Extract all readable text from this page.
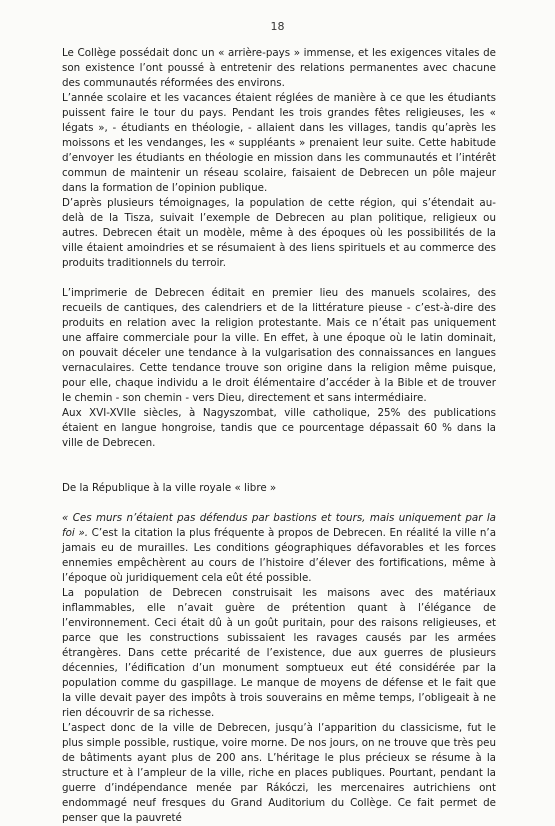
18

Le Collège possédait donc un « arrière-pays » immense, et les exigences vitales de son existence l’ont poussé à entretenir des relations permanentes avec chacune des communautés réformées des environs.

L’année scolaire et les vacances étaient réglées de manière à ce que les étudiants puissent faire le tour du pays. Pendant les trois grandes fêtes religieuses, les « légats », - étudiants en théologie, - allaient dans les villages, tandis qu’après les moissons et les vendanges, les « suppléants » prenaient leur suite. Cette habitude d’envoyer les étudiants en théologie en mission dans les communautés et l’intérêt commun de maintenir un réseau scolaire, faisaient de Debrecen un pôle majeur dans la formation de l’opinion publique.

D’après plusieurs témoignages, la population de cette région, qui s’étendait au-delà de la Tisza, suivait l’exemple de Debrecen au plan politique, religieux ou autres. Debrecen était un modèle, même à des époques où les possibilités de la ville étaient amoindries et se résumaient à des liens spirituels et au commerce des produits traditionnels du terroir.

L’imprimerie de Debrecen éditait en premier lieu des manuels scolaires, des recueils de cantiques, des calendriers et de la littérature pieuse - c’est-à-dire des produits en relation avec la religion protestante. Mais ce n’était pas uniquement une affaire commerciale pour la ville. En effet, à une époque où le latin dominait, on pouvait déceler une tendance à la vulgarisation des connaissances en langues vernaculaires. Cette tendance trouve son origine dans la religion même puisque, pour elle, chaque individu a le droit élémentaire d’accéder à la Bible et de trouver le chemin - son chemin - vers Dieu, directement et sans intermédiaire.

Aux XVI-XVIIe siècles, à Nagyszombat, ville catholique, 25% des publications étaient en langue hongroise, tandis que ce pourcentage dépassait 60 % dans la ville de Debrecen.

De la République à la ville royale « libre »

« Ces murs n’étaient pas défendus par bastions et tours, mais uniquement par la foi ». C’est la citation la plus fréquente à propos de Debrecen. En réalité la ville n’a jamais eu de murailles. Les conditions géographiques défavorables et les forces ennemies empêchèrent au cours de l’histoire d’élever des fortifications, même à l’époque où juridiquement cela eût été possible.

La population de Debrecen construisait les maisons avec des matériaux inflammables, elle n’avait guère de prétention quant à l’élégance de l’environnement. Ceci était dû à un goût puritain, pour des raisons religieuses, et parce que les constructions subissaient les ravages causés par les armées étrangères. Dans cette précarité de l’existence, due aux guerres de plusieurs décennies, l’édification d’un monument somptueux eut été considérée par la population comme du gaspillage. Le manque de moyens de défense et le fait que la ville devait payer des impôts à trois souverains en même temps, l’obligeait à ne rien découvrir de sa richesse.

L’aspect donc de la ville de Debrecen, jusqu’à l’apparition du classicisme, fut le plus simple possible, rustique, voire morne. De nos jours, on ne trouve que très peu de bâtiments ayant plus de 200 ans. L’héritage le plus précieux se résume à la structure et à l’ampleur de la ville, riche en places publiques. Pourtant, pendant la guerre d’indépendance menée par Rákóczi, les mercenaires autrichiens ont endommagé neuf fresques du Grand Auditorium du Collège. Ce fait permet de penser que la pauvreté
